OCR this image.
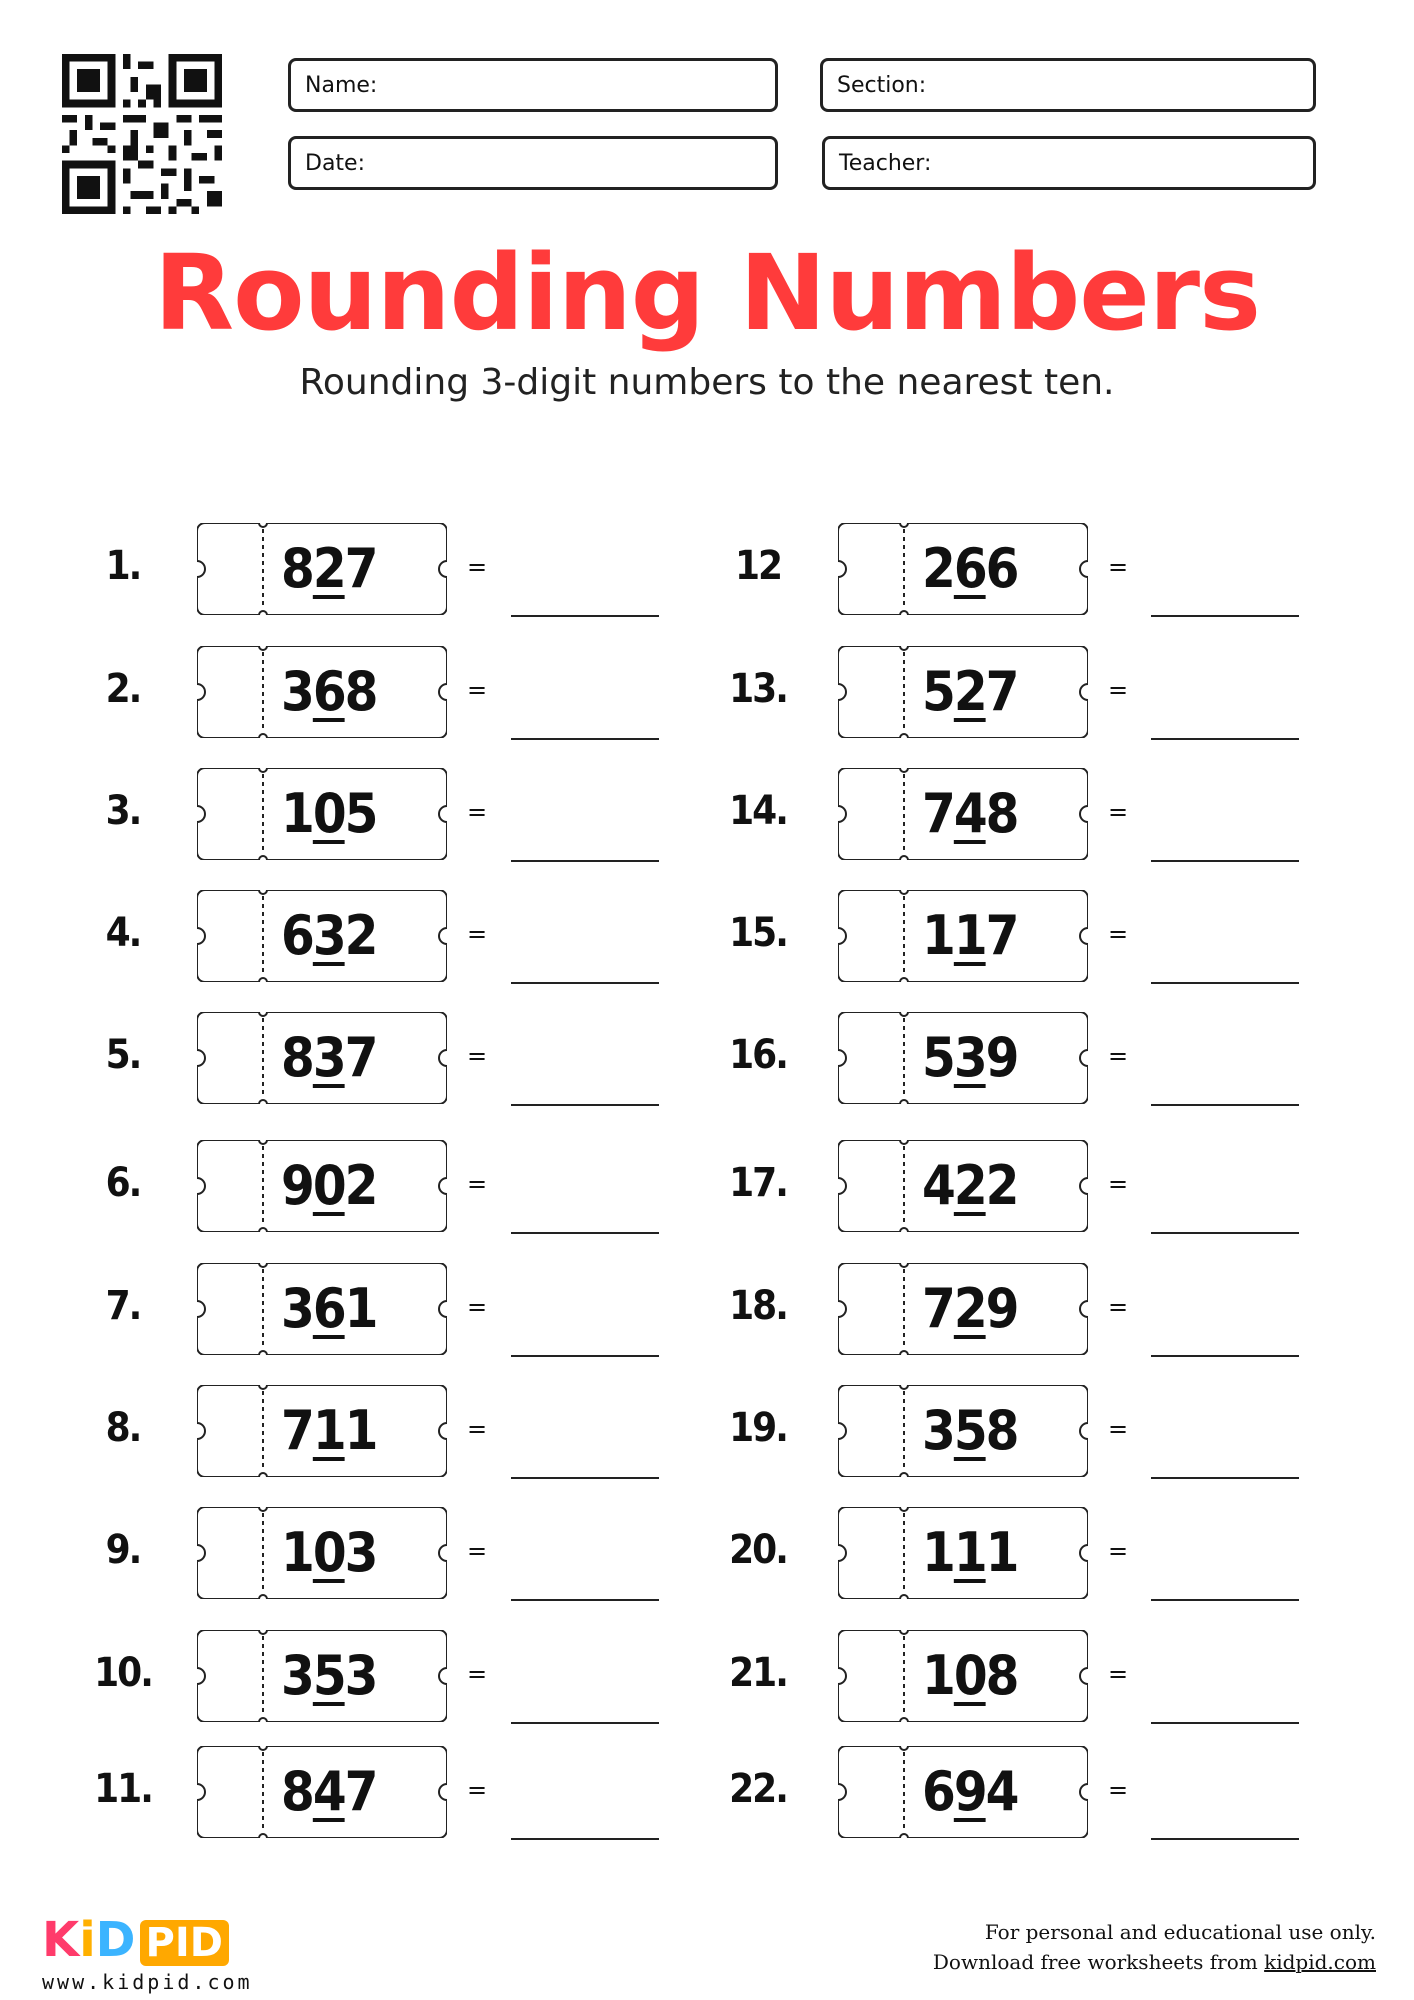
Name:	Section:
Date:	Teacher:
Rounding Numbers
Rounding 3-digit numbers to the nearest ten.
1.	827	=
2.	368	=
3.	105	=
4.	632	=
5.	837	=
6.	902	=
7.	361	=
8.	711	=
9.	103	=
10. 353	=
11. 847	=
12	266	=
13.	527	=
14.	748	=
15.	117	=
16.	539	=
17.	422	=
18.	729	=
19.	358	=
20.	111	=
21.	108	=
22.	694	=
KiD PID
www.kidpid.com
For personal and educational use only.
Download free worksheets from kidpid.com
